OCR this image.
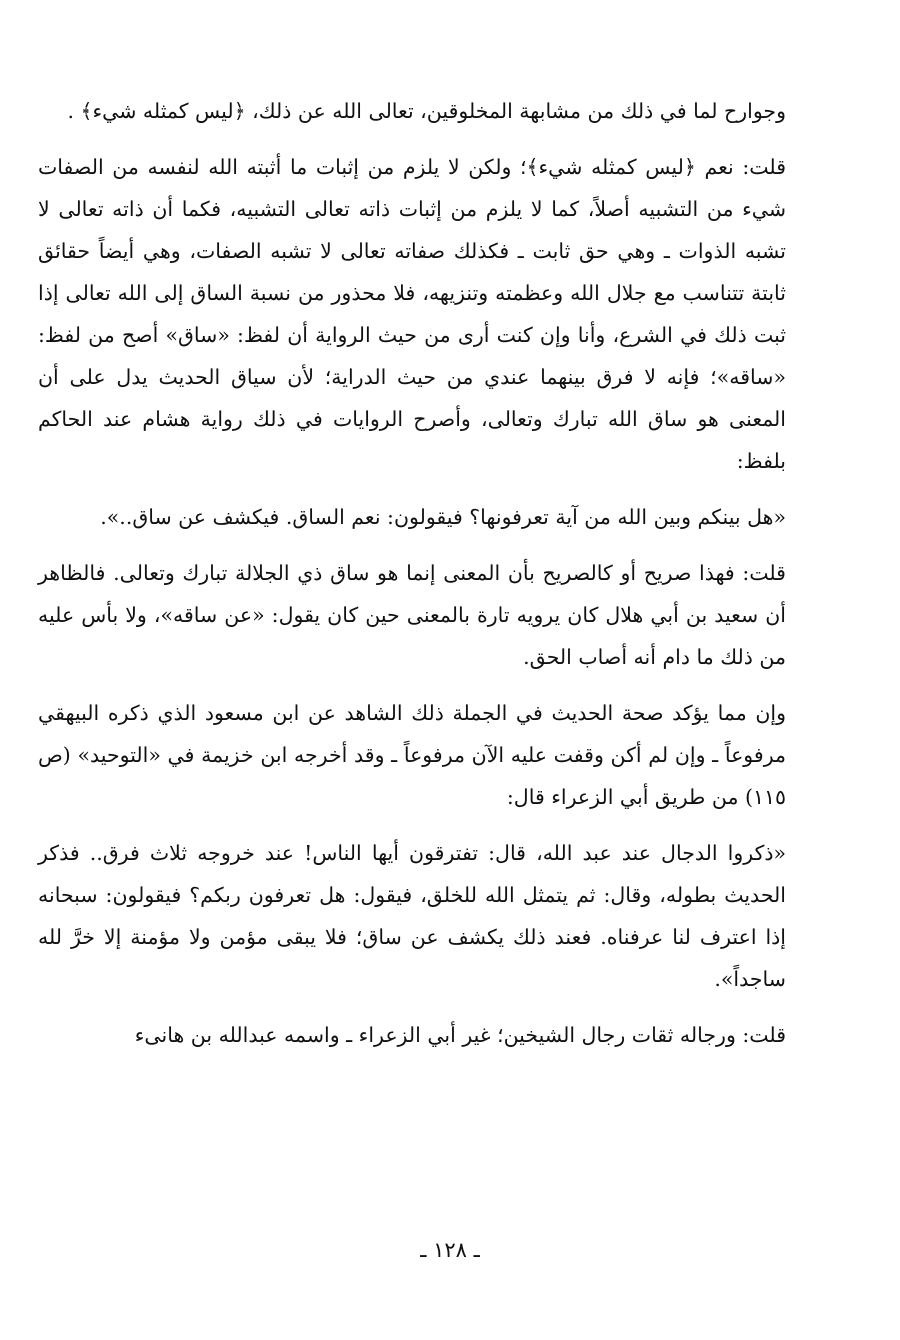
وجوارح لما في ذلك من مشابهة المخلوقين، تعالى الله عن ذلك، ﴿ليس كمثله شيء﴾ .

قلت: نعم ﴿ليس كمثله شيء﴾؛ ولكن لا يلزم من إثبات ما أثبته الله لنفسه من الصفات شيء من التشبيه أصلاً، كما لا يلزم من إثبات ذاته تعالى التشبيه، فكما أن ذاته تعالى لا تشبه الذوات ـ وهي حق ثابت ـ فكذلك صفاته تعالى لا تشبه الصفات، وهي أيضاً حقائق ثابتة تتناسب مع جلال الله وعظمته وتنزيهه، فلا محذور من نسبة الساق إلى الله تعالى إذا ثبت ذلك في الشرع، وأنا وإن كنت أرى من حيث الرواية أن لفظ: «ساق» أصح من لفظ: «ساقه»؛ فإنه لا فرق بينهما عندي من حيث الدراية؛ لأن سياق الحديث يدل على أن المعنى هو ساق الله تبارك وتعالى، وأصرح الروايات في ذلك رواية هشام عند الحاكم بلفظ:

«هل بينكم وبين الله من آية تعرفونها؟ فيقولون: نعم الساق. فيكشف عن ساق..».

قلت: فهذا صريح أو كالصريح بأن المعنى إنما هو ساق ذي الجلالة تبارك وتعالى. فالظاهر أن سعيد بن أبي هلال كان يرويه تارة بالمعنى حين كان يقول: «عن ساقه»، ولا بأس عليه من ذلك ما دام أنه أصاب الحق.

وإن مما يؤكد صحة الحديث في الجملة ذلك الشاهد عن ابن مسعود الذي ذكره البيهقي مرفوعاً ـ وإن لم أكن وقفت عليه الآن مرفوعاً ـ وقد أخرجه ابن خزيمة في «التوحيد» (ص ١١٥) من طريق أبي الزعراء قال:

«ذكروا الدجال عند عبد الله، قال: تفترقون أيها الناس! عند خروجه ثلاث فرق.. فذكر الحديث بطوله، وقال: ثم يتمثل الله للخلق، فيقول: هل تعرفون ربكم؟ فيقولون: سبحانه إذا اعترف لنا عرفناه. فعند ذلك يكشف عن ساق؛ فلا يبقى مؤمن ولا مؤمنة إلا خرَّ لله ساجداً».

قلت: ورجاله ثقات رجال الشيخين؛ غير أبي الزعراء ـ واسمه عبدالله بن هانىء

ـ ١٢٨ ـ
